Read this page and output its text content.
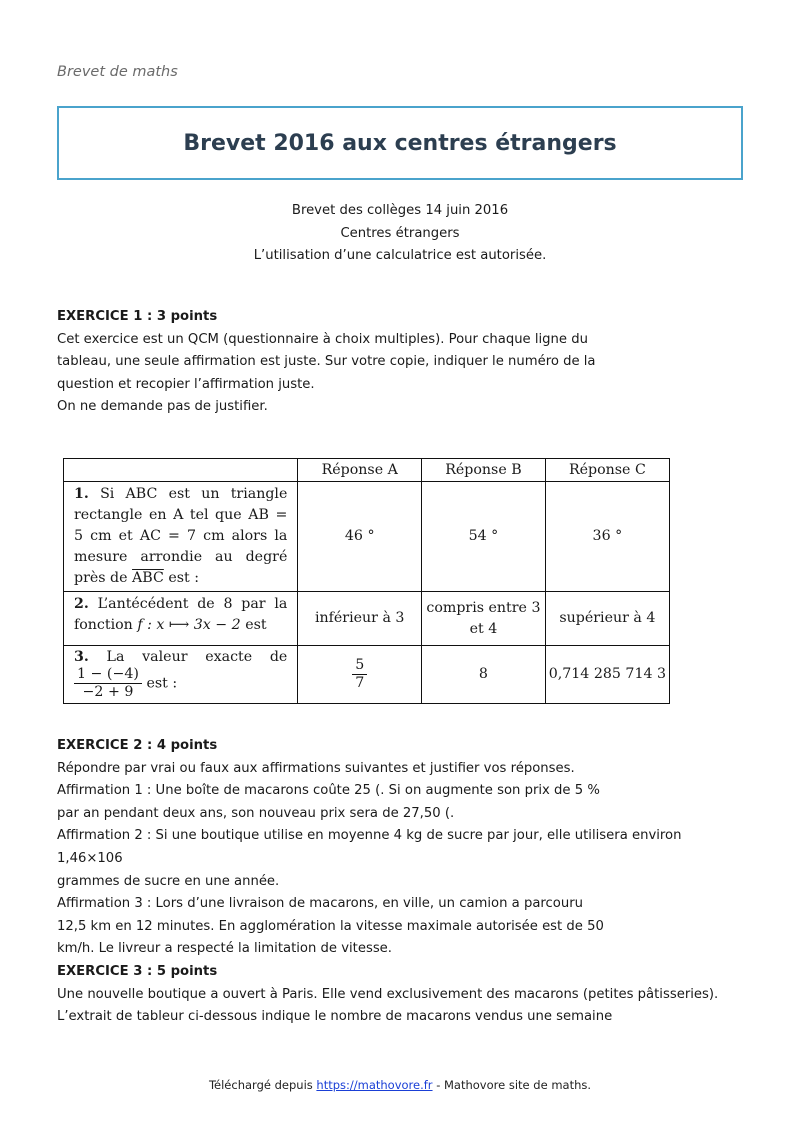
Brevet de maths
Brevet 2016 aux centres étrangers
Brevet des collèges 14 juin 2016
Centres étrangers
L’utilisation d’une calculatrice est autorisée.

EXERCICE 1 : 3 points

Cet exercice est un QCM (questionnaire à choix multiples). Pour chaque ligne du

tableau, une seule affirmation est juste. Sur votre copie, indiquer le numéro de la

question et recopier l’affirmation juste.

On ne demande pas de justifier.

	Réponse A	Réponse B	Réponse C
1. Si ABC est un triangle rectangle en A tel que AB = 5 cm et AC = 7 cm alors la mesure arrondie au degré près de $\overline{ABC}$ est :	46 °	54 °	36 °
2. L’antécédent de 8 par la fonction f : x ⟼ 3x − 2 est	inférieur à 3	compris entre 3 et 4	supérieur à 4
3. La valeur exacte de
$\frac{1 - (-4)}{-2 + 9}$ est :	$\frac{5}{7}$	8	0,714 285 714 3

EXERCICE 2 : 4 points

Répondre par vrai ou faux aux affirmations suivantes et justifier vos réponses.

Affirmation 1 : Une boîte de macarons coûte 25 (. Si on augmente son prix de 5 %

par an pendant deux ans, son nouveau prix sera de 27,50 (.

Affirmation 2 : Si une boutique utilise en moyenne 4 kg de sucre par jour, elle utilisera environ 1,46×106

grammes de sucre en une année.

Affirmation 3 : Lors d’une livraison de macarons, en ville, un camion a parcouru

12,5 km en 12 minutes. En agglomération la vitesse maximale autorisée est de 50

km/h. Le livreur a respecté la limitation de vitesse.

EXERCICE 3 : 5 points

Une nouvelle boutique a ouvert à Paris. Elle vend exclusivement des macarons (petites pâtisseries).

L’extrait de tableur ci-dessous indique le nombre de macarons vendus une semaine

Téléchargé depuis https://mathovore.fr - Mathovore site de maths.
